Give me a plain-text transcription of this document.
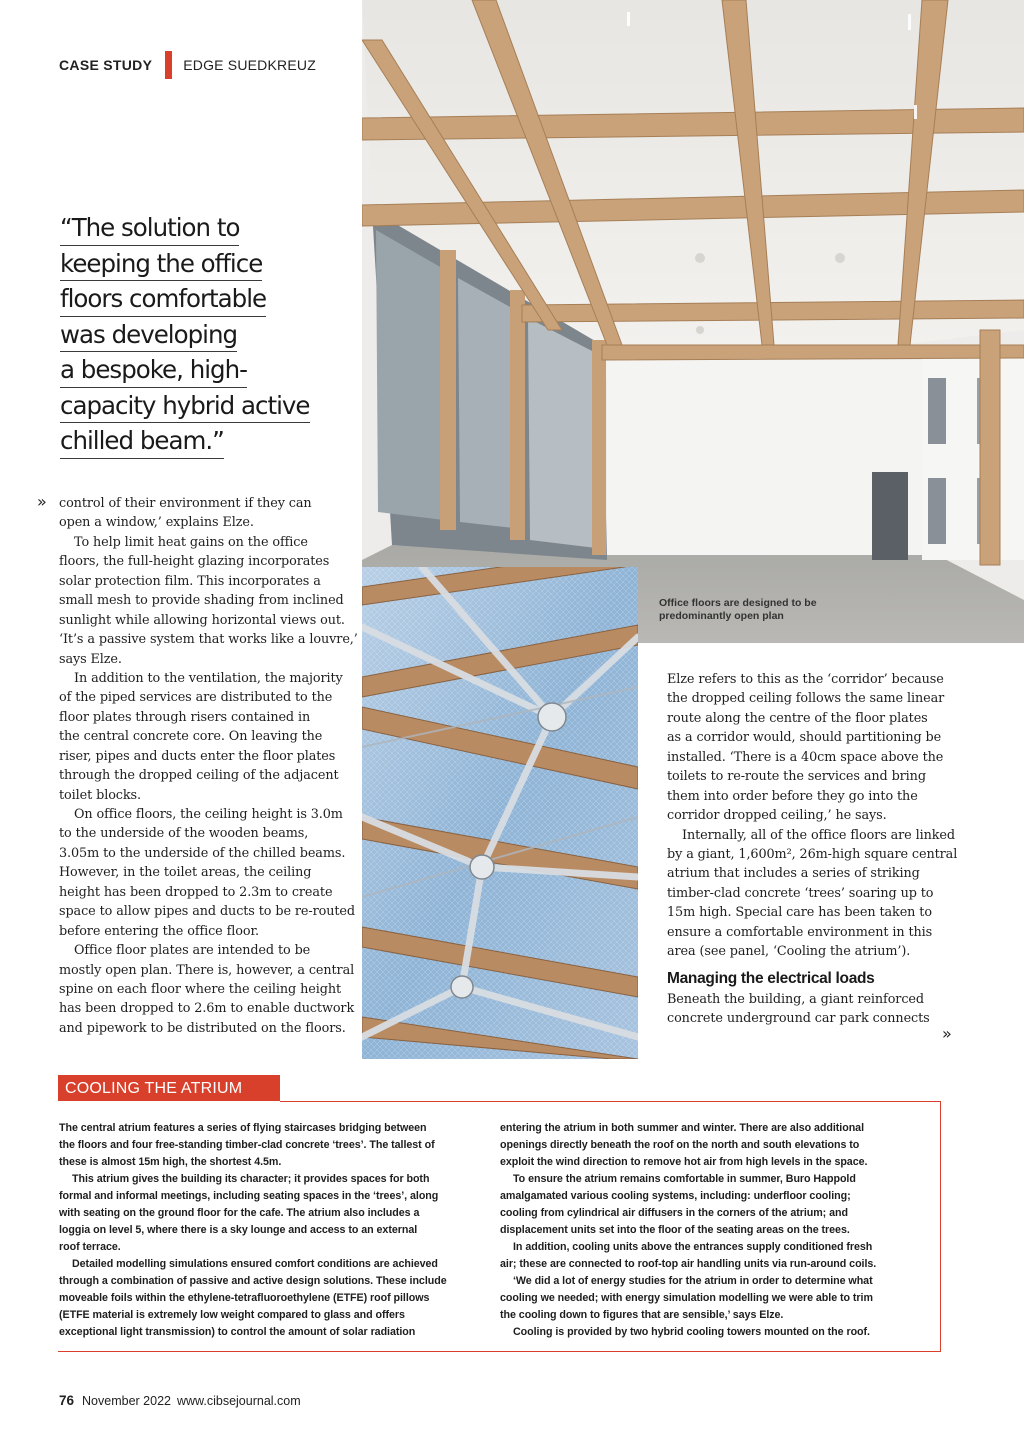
CASE STUDY EDGE SUEDKREUZ
“The solution to
keeping the office
floors comfortable
was developing
a bespoke, high-
capacity hybrid active
chilled beam.”
Office floors are designed to be predominantly open plan
» control of their environment if they can
open a window,’ explains Elze.
To help limit heat gains on the office
floors, the full-height glazing incorporates
solar protection film. This incorporates a
small mesh to provide shading from inclined
sunlight while allowing horizontal views out.
‘It’s a passive system that works like a louvre,’
says Elze.
In addition to the ventilation, the majority
of the piped services are distributed to the
floor plates through risers contained in
the central concrete core. On leaving the
riser, pipes and ducts enter the floor plates
through the dropped ceiling of the adjacent
toilet blocks.
On office floors, the ceiling height is 3.0m
to the underside of the wooden beams,
3.05m to the underside of the chilled beams.
However, in the toilet areas, the ceiling
height has been dropped to 2.3m to create
space to allow pipes and ducts to be re-routed
before entering the office floor.
Office floor plates are intended to be
mostly open plan. There is, however, a central
spine on each floor where the ceiling height
has been dropped to 2.6m to enable ductwork
and pipework to be distributed on the floors.
Elze refers to this as the ‘corridor’ because
the dropped ceiling follows the same linear
route along the centre of the floor plates
as a corridor would, should partitioning be
installed. ‘There is a 40cm space above the
toilets to re-route the services and bring
them into order before they go into the
corridor dropped ceiling,’ he says.
Internally, all of the office floors are linked
by a giant, 1,600m², 26m-high square central
atrium that includes a series of striking
timber-clad concrete ‘trees’ soaring up to
15m high. Special care has been taken to
ensure a comfortable environment in this
area (see panel, ‘Cooling the atrium’).
Managing the electrical loads
Beneath the building, a giant reinforced
concrete underground car park connects
»
COOLING THE ATRIUM
The central atrium features a series of flying staircases bridging between
the floors and four free-standing timber-clad concrete ‘trees’. The tallest of
these is almost 15m high, the shortest 4.5m.
This atrium gives the building its character; it provides spaces for both
formal and informal meetings, including seating spaces in the ‘trees’, along
with seating on the ground floor for the cafe. The atrium also includes a
loggia on level 5, where there is a sky lounge and access to an external
roof terrace.
Detailed modelling simulations ensured comfort conditions are achieved
through a combination of passive and active design solutions. These include
moveable foils within the ethylene-tetrafluoroethylene (ETFE) roof pillows
(ETFE material is extremely low weight compared to glass and offers
exceptional light transmission) to control the amount of solar radiation
entering the atrium in both summer and winter. There are also additional
openings directly beneath the roof on the north and south elevations to
exploit the wind direction to remove hot air from high levels in the space.
To ensure the atrium remains comfortable in summer, Buro Happold
amalgamated various cooling systems, including: underfloor cooling;
cooling from cylindrical air diffusers in the corners of the atrium; and
displacement units set into the floor of the seating areas on the trees.
In addition, cooling units above the entrances supply conditioned fresh
air; these are connected to roof-top air handling units via run-around coils.
‘We did a lot of energy studies for the atrium in order to determine what
cooling we needed; with energy simulation modelling we were able to trim
the cooling down to figures that are sensible,’ says Elze.
Cooling is provided by two hybrid cooling towers mounted on the roof.
76 November 2022 www.cibsejournal.com
